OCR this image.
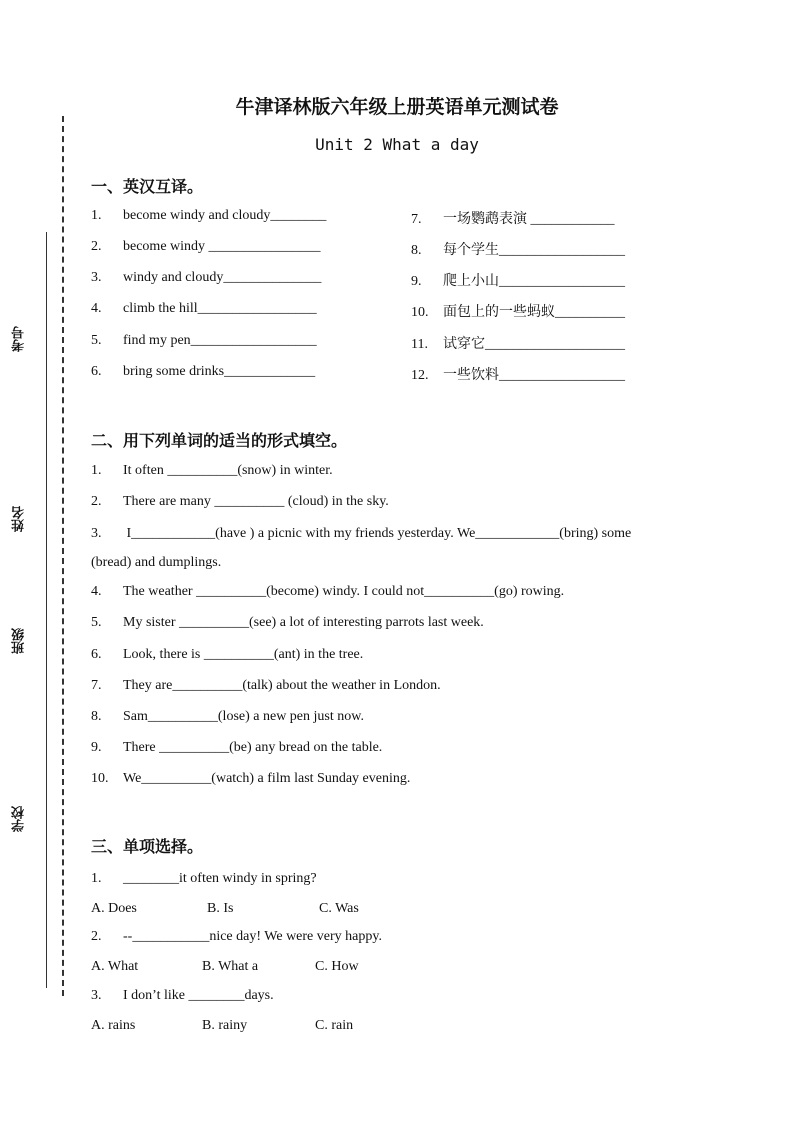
考号
姓名
班级
学校
牛津译林版六年级上册英语单元测试卷
Unit 2 What a day
一、英汉互译。
1. become windy and cloudy________
2. become windy ________________
3. windy and cloudy______________
4. climb the hill_________________
5. find my pen__________________
6. bring some drinks_____________
7. 一场鹦鹉表演 ____________
8. 每个学生__________________
9. 爬上小山__________________
10. 面包上的一些蚂蚁__________
11. 试穿它____________________
12. 一些饮料__________________
二、用下列单词的适当的形式填空。
1. It often __________(snow) in winter.
2. There are many __________ (cloud) in the sky.
3. I____________(have ) a picnic with my friends yesterday. We____________(bring) some
(bread) and dumplings.
4. The weather __________(become) windy. I could not__________(go) rowing.
5. My sister __________(see) a lot of interesting parrots last week.
6. Look, there is __________(ant) in the tree.
7. They are__________(talk) about the weather in London.
8. Sam__________(lose) a new pen just now.
9. There __________(be) any bread on the table.
10. We__________(watch) a film last Sunday evening.
三、单项选择。
1. ________it often windy in spring?
A. Does	B. Is	C. Was
2. --___________nice day! We were very happy.
A. What	B. What a	C. How
3. I don’t like ________days.
A. rains	B. rainy	C. rain
